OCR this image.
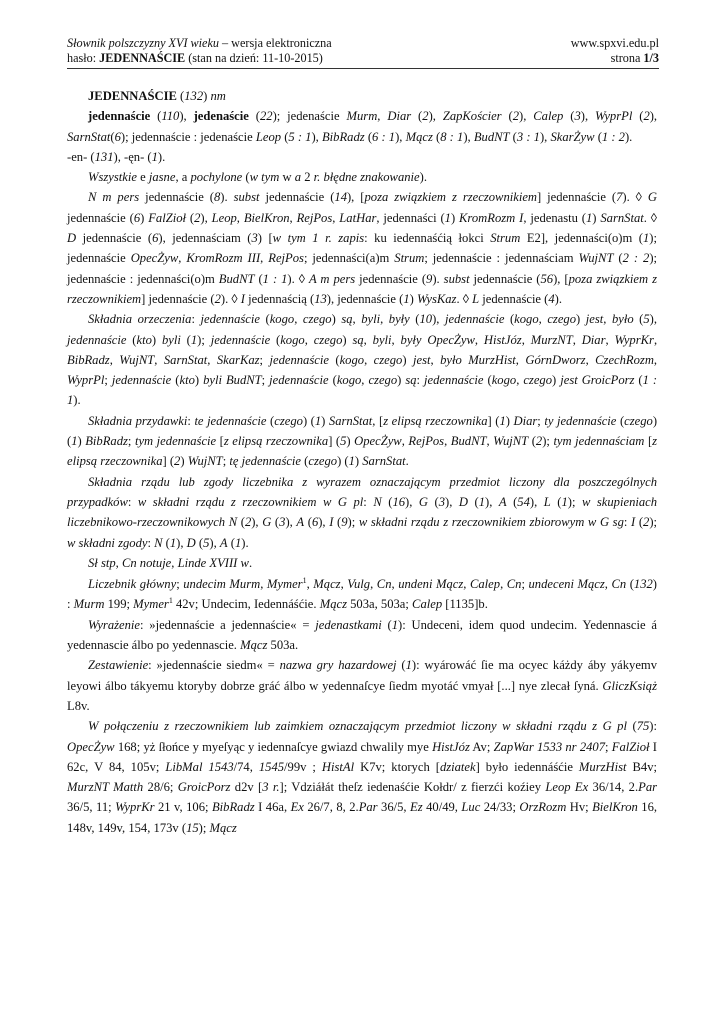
Słownik polszczyzny XVI wieku – wersja elektroniczna
hasło: JEDENNAŚCIE (stan na dzień: 11-10-2015)
www.spxvi.edu.pl
strona 1/3

JEDENNAŚCIE (132) nm

jedennaście (110), jedenaście (22); jedenaście Murm, Diar (2), ZapKościer (2), Calep (3), WyprPl (2), SarnStat(6); jedennaście : jedenaście Leop (5 : 1), BibRadz (6 : 1), Mącz (8 : 1), BudNT (3 : 1), SkarŻyw (1 : 2).

-en- (131), -ęn- (1).

Wszystkie e jasne, a pochylone (w tym w a 2 r. błędne znakowanie).

N m pers jedennaście (8). subst jedennaście (14), [poza związkiem z rzeczownikiem] jedennaście (7). ◊ G jedennaście (6) FalZioł (2), Leop, BielKron, RejPos, LatHar, jedennaści (1) KromRozm I, jedenastu (1) SarnStat. ◊ D jedennaście (6), jedennaściam (3) [w tym 1 r. zapis: ku iedennaśćią łokci Strum E2], jedennaści(o)m (1); jedennaście OpecŻyw, KromRozm III, RejPos; jedennaści(a)m Strum; jedennaście : jedennaściam WujNT (2 : 2); jedennaście : jedennaści(o)m BudNT (1 : 1). ◊ A m pers jedennaście (9). subst jedennaście (56), [poza związkiem z rzeczownikiem] jedennaście (2). ◊ I jedennaścią (13), jedennaście (1) WysKaz. ◊ L jedennaście (4).

Składnia orzeczenia: jedennaście (kogo, czego) są, byli, były (10), jedennaście (kogo, czego) jest, było (5), jedennaście (kto) byli (1); jedennaście (kogo, czego) są, byli, były OpecŻyw, HistJóz, MurzNT, Diar, WyprKr, BibRadz, WujNT, SarnStat, SkarKaz; jedennaście (kogo, czego) jest, było MurzHist, GórnDworz, CzechRozm, WyprPl; jedennaście (kto) byli BudNT; jedennaście (kogo, czego) są: jedennaście (kogo, czego) jest GroicPorz (1 : 1).

Składnia przydawki: te jedennaście (czego) (1) SarnStat, [z elipsą rzeczownika] (1) Diar; ty jedennaście (czego)(1) BibRadz; tym jedennaście [z elipsą rzeczownika] (5) OpecŻyw, RejPos, BudNT, WujNT (2); tym jedennaściam [z elipsą rzeczownika] (2) WujNT; tę jedennaście (czego) (1) SarnStat.

Składnia rządu lub zgody liczebnika z wyrazem oznaczającym przedmiot liczony dla poszczególnych przypadków: w składni rządu z rzeczownikiem w G pl: N (16), G (3), D (1), A (54), L (1); w skupieniach liczebnikowo-rzeczownikowych N (2), G (3), A (6), I (9); w składni rządu z rzeczownikiem zbiorowym w G sg: I (2); w składni zgody: N (1), D (5), A (1).

Sł stp, Cn notuje, Linde XVIII w.

Liczebnik główny; undecim Murm, Mymer$^1$, Mącz, Vulg, Cn, undeni Mącz, Calep, Cn; undeceni Mącz, Cn (132) : Murm 199; Mymer$^1$ 42v; Undecim, Iedennáśćie. Mącz 503a, 503a; Calep [1135]b.

Wyrażenie: »jedennaście a jedennaście« = jedenastkami (1): Undeceni, idem quod undecim. Yedennascie á yedennascie álbo po yedennascie. Mącz 503a.

Zestawienie: »jedennaście siedm« = nazwa gry hazardowej (1): wyárowáć ſie ma ocyec káżdy áby yákyemv leyowi álbo tákyemu ktoryby dobrze gráć álbo w yedennaſcye ſiedm myotáć vmyał [...] nye zlecał ſyná. GliczKsiąż L8v.

W połączeniu z rzeczownikiem lub zaimkiem oznaczającym przedmiot liczony w składni rządu z G pl (75): OpecŻyw 168; yż ſłońce y myeſyąc y iedennaſcye gwiazd chwalily mye HistJóz Av; ZapWar 1533 nr 2407; FalZioł I 62c, V 84, 105v; LibMal 1543/74, 1545/99v ; HistAl K7v; ktorych [dziatek] było iedennáśćie MurzHist B4v; MurzNT Matth 28/6; GroicPorz d2v [3 r.]; Vdziáłát theſz iedenaśćie Kołdr/ z fierzći koźiey Leop Ex 36/14, 2.Par 36/5, 11; WyprKr 21 v, 106; BibRadz I 46a, Ex 26/7, 8, 2.Par 36/5, Ez 40/49, Luc 24/33; OrzRozm Hv; BielKron 16, 148v, 149v, 154, 173v (15); Mącz
